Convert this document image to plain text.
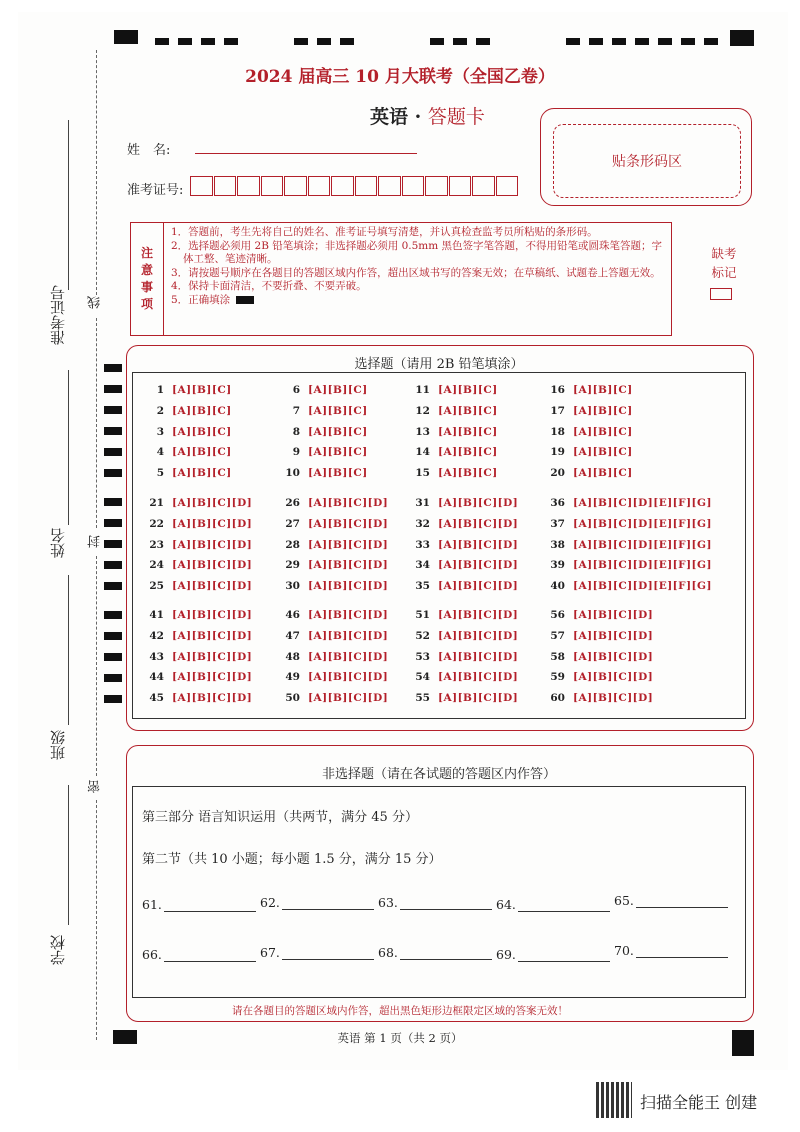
2024 届高三 10 月大联考（全国乙卷）
英语 · 答题卡
姓　名:
准考证号:
贴条形码区
注
意
事
项
1．答题前，考生先将自己的姓名、准考证号填写清楚，并认真检查监考员所粘贴的条形码。
2．选择题必须用 2B 铅笔填涂；非选择题必须用 0.5mm 黑色签字笔答题，不得用铅笔或圆珠笔答题；字体工整、笔迹清晰。
3．请按题号顺序在各题目的答题区域内作答，超出区域书写的答案无效；在草稿纸、试题卷上答题无效。
4．保持卡面清洁，不要折叠、不要弄破。
5．正确填涂
缺考
标记
准考证号
姓名
班级
学校
线
封
密
选择题（请用 2B 铅笔填涂）
1 [A][B][C]
2 [A][B][C]
3 [A][B][C]
4 [A][B][C]
5 [A][B][C]
6 [A][B][C]
7 [A][B][C]
8 [A][B][C]
9 [A][B][C]
10 [A][B][C]
11 [A][B][C]
12 [A][B][C]
13 [A][B][C]
14 [A][B][C]
15 [A][B][C]
16 [A][B][C]
17 [A][B][C]
18 [A][B][C]
19 [A][B][C]
20 [A][B][C]
21 [A][B][C][D]
22 [A][B][C][D]
23 [A][B][C][D]
24 [A][B][C][D]
25 [A][B][C][D]
26 [A][B][C][D]
27 [A][B][C][D]
28 [A][B][C][D]
29 [A][B][C][D]
30 [A][B][C][D]
31 [A][B][C][D]
32 [A][B][C][D]
33 [A][B][C][D]
34 [A][B][C][D]
35 [A][B][C][D]
36 [A][B][C][D][E][F][G]
37 [A][B][C][D][E][F][G]
38 [A][B][C][D][E][F][G]
39 [A][B][C][D][E][F][G]
40 [A][B][C][D][E][F][G]
41 [A][B][C][D]
42 [A][B][C][D]
43 [A][B][C][D]
44 [A][B][C][D]
45 [A][B][C][D]
46 [A][B][C][D]
47 [A][B][C][D]
48 [A][B][C][D]
49 [A][B][C][D]
50 [A][B][C][D]
51 [A][B][C][D]
52 [A][B][C][D]
53 [A][B][C][D]
54 [A][B][C][D]
55 [A][B][C][D]
56 [A][B][C][D]
57 [A][B][C][D]
58 [A][B][C][D]
59 [A][B][C][D]
60 [A][B][C][D]
非选择题（请在各试题的答题区内作答）
第三部分 语言知识运用（共两节，满分 45 分）
第二节（共 10 小题；每小题 1.5 分，满分 15 分）
61.	62.	63.	64.	65.
66.	67.	68.	69.	70.
请在各题目的答题区域内作答，超出黑色矩形边框限定区域的答案无效！
英语 第 1 页（共 2 页）
扫描全能王 创建
